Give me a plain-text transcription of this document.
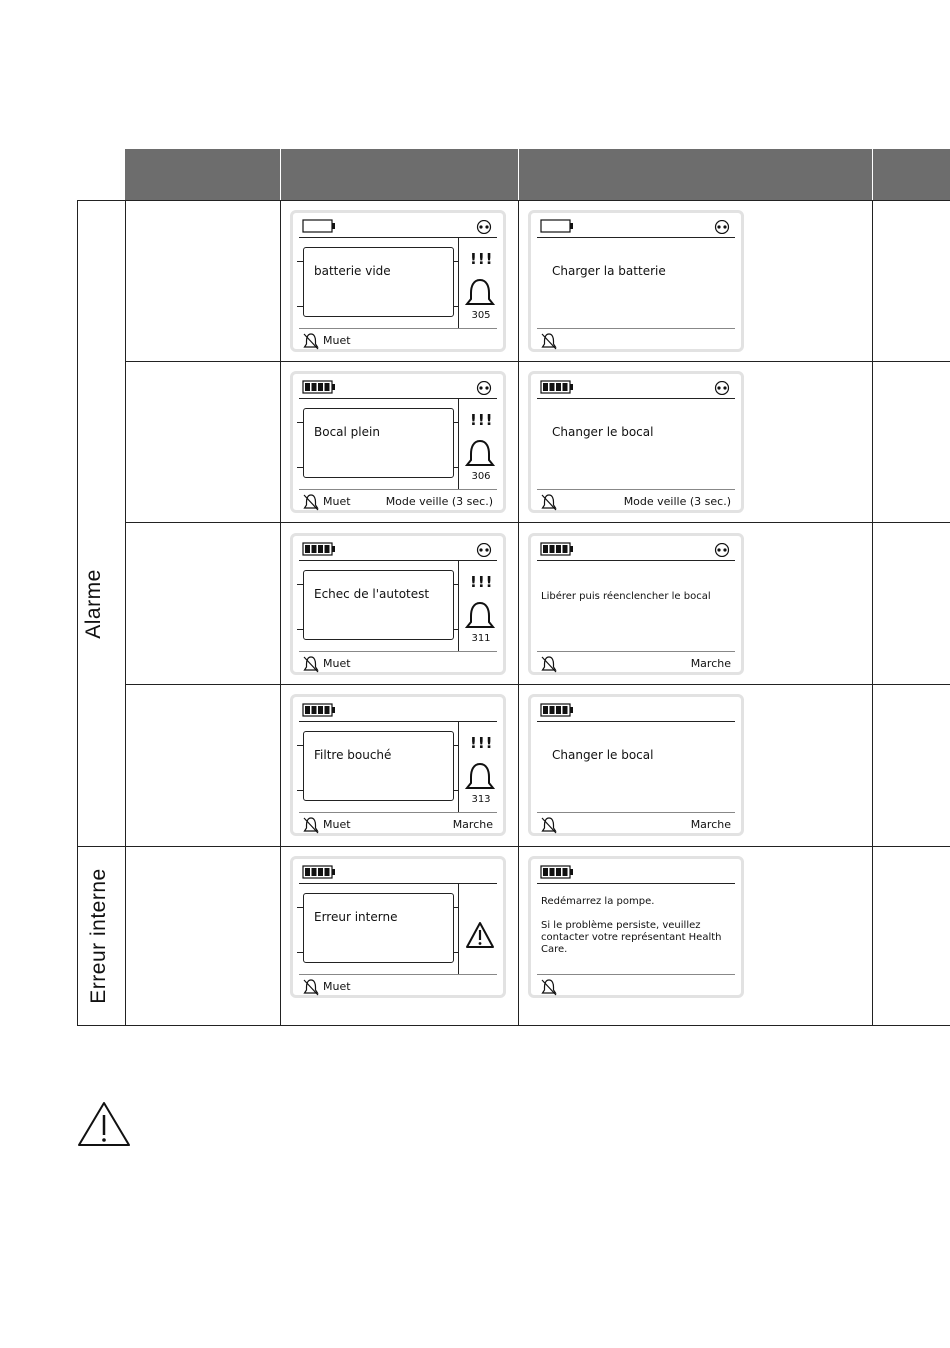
Alarme
Erreur interne
batterie vide
!!!
305
Muet
Charger la batterie
Bocal plein
!!!
306
Muet	Mode veille (3 sec.)
Changer le bocal
Mode veille (3 sec.)
Echec de l'autotest
!!!
311
Muet
Libérer puis réenclencher le bocal
Marche
Filtre bouché
!!!
313
Muet	Marche
Changer le bocal
Marche
Erreur interne
Muet

Redémarrez la pompe.

Si le problème persiste, veuillez contacter votre représentant Health Care.
